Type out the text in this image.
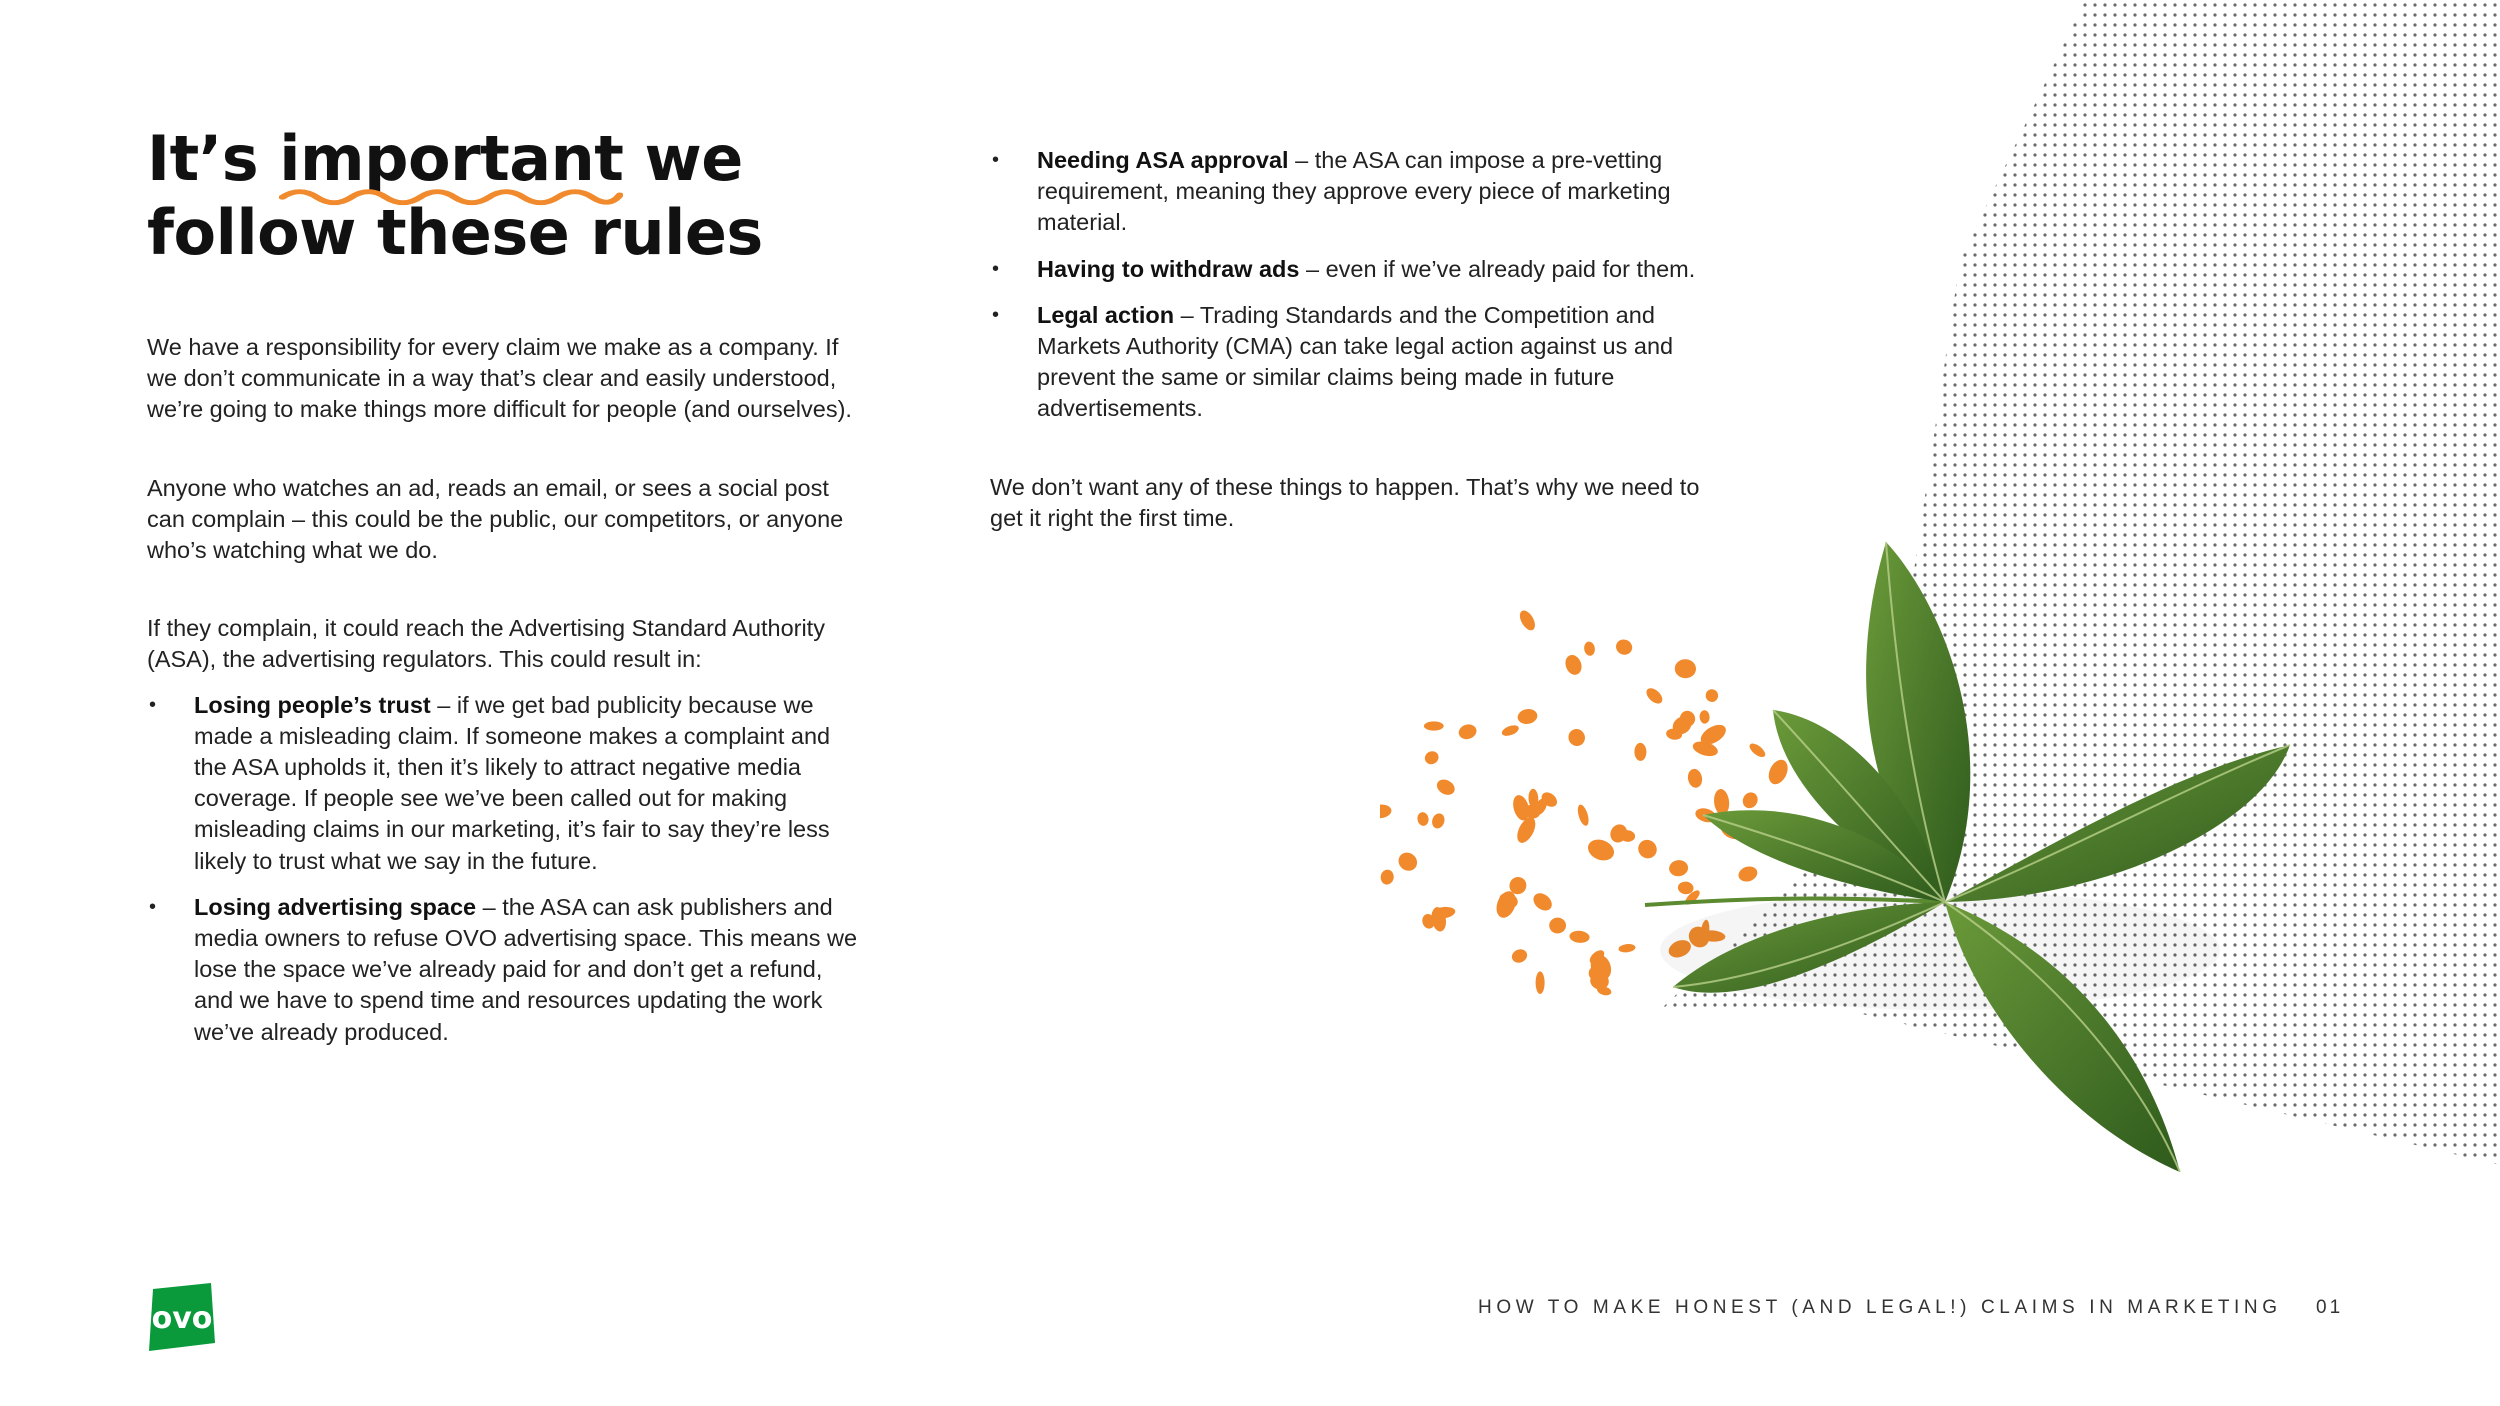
It’s important
we
follow these rules

We have a responsibility for every claim we make as a company. If we don’t communicate in a way that’s clear and easily understood, we’re going to make things more difficult for people (and ourselves).

Anyone who watches an ad, reads an email, or sees a social post can complain – this could be the public, our competitors, or anyone who’s watching what we do.

If they complain, it could reach the Advertising Standard Authority (ASA), the advertising regulators. This could result in:

• Losing people’s trust – if we get bad publicity because we made a misleading claim. If someone makes a complaint and the ASA upholds it, then it’s likely to attract negative media coverage. If people see we’ve been called out for making misleading claims in our marketing, it’s fair to say they’re less likely to trust what we say in the future.
• Losing advertising space – the ASA can ask publishers and media owners to refuse OVO advertising space. This means we lose the space we’ve already paid for and don’t get a refund, and we have to spend time and resources updating the work we’ve already produced.
• Needing ASA approval – the ASA can impose a pre-vetting requirement, meaning they approve every piece of marketing material.
• Having to withdraw ads – even if we’ve already paid for them.
• Legal action – Trading Standards and the Competition and Markets Authority (CMA) can take legal action against us and prevent the same or similar claims being made in future advertisements.

We don’t want any of these things to happen. That’s why we need to get it right the first time.

ovo	HOW TO MAKE HONEST (AND LEGAL!) CLAIMS IN MARKETING 01
